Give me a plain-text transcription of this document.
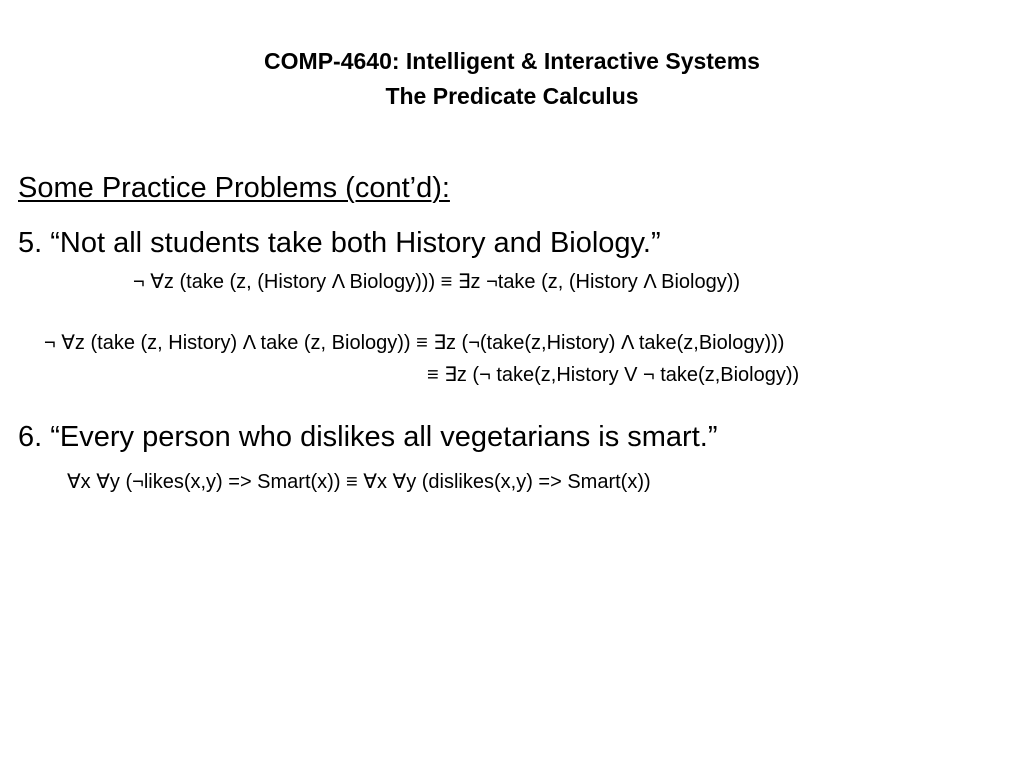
COMP-4640: Intelligent & Interactive Systems
The Predicate Calculus
Some Practice Problems (cont’d):
5. “Not all students take both History and Biology.”
¬ ∀z (take (z, (History Λ Biology))) ≡ ∃z ¬take (z, (History Λ Biology))
¬ ∀z (take (z, History) Λ take (z, Biology)) ≡ ∃z (¬(take(z,History) Λ take(z,Biology)))
≡ ∃z (¬ take(z,History V ¬ take(z,Biology))
6. “Every person who dislikes all vegetarians is smart.”
∀x ∀y (¬likes(x,y) => Smart(x)) ≡ ∀x ∀y (dislikes(x,y) => Smart(x))
